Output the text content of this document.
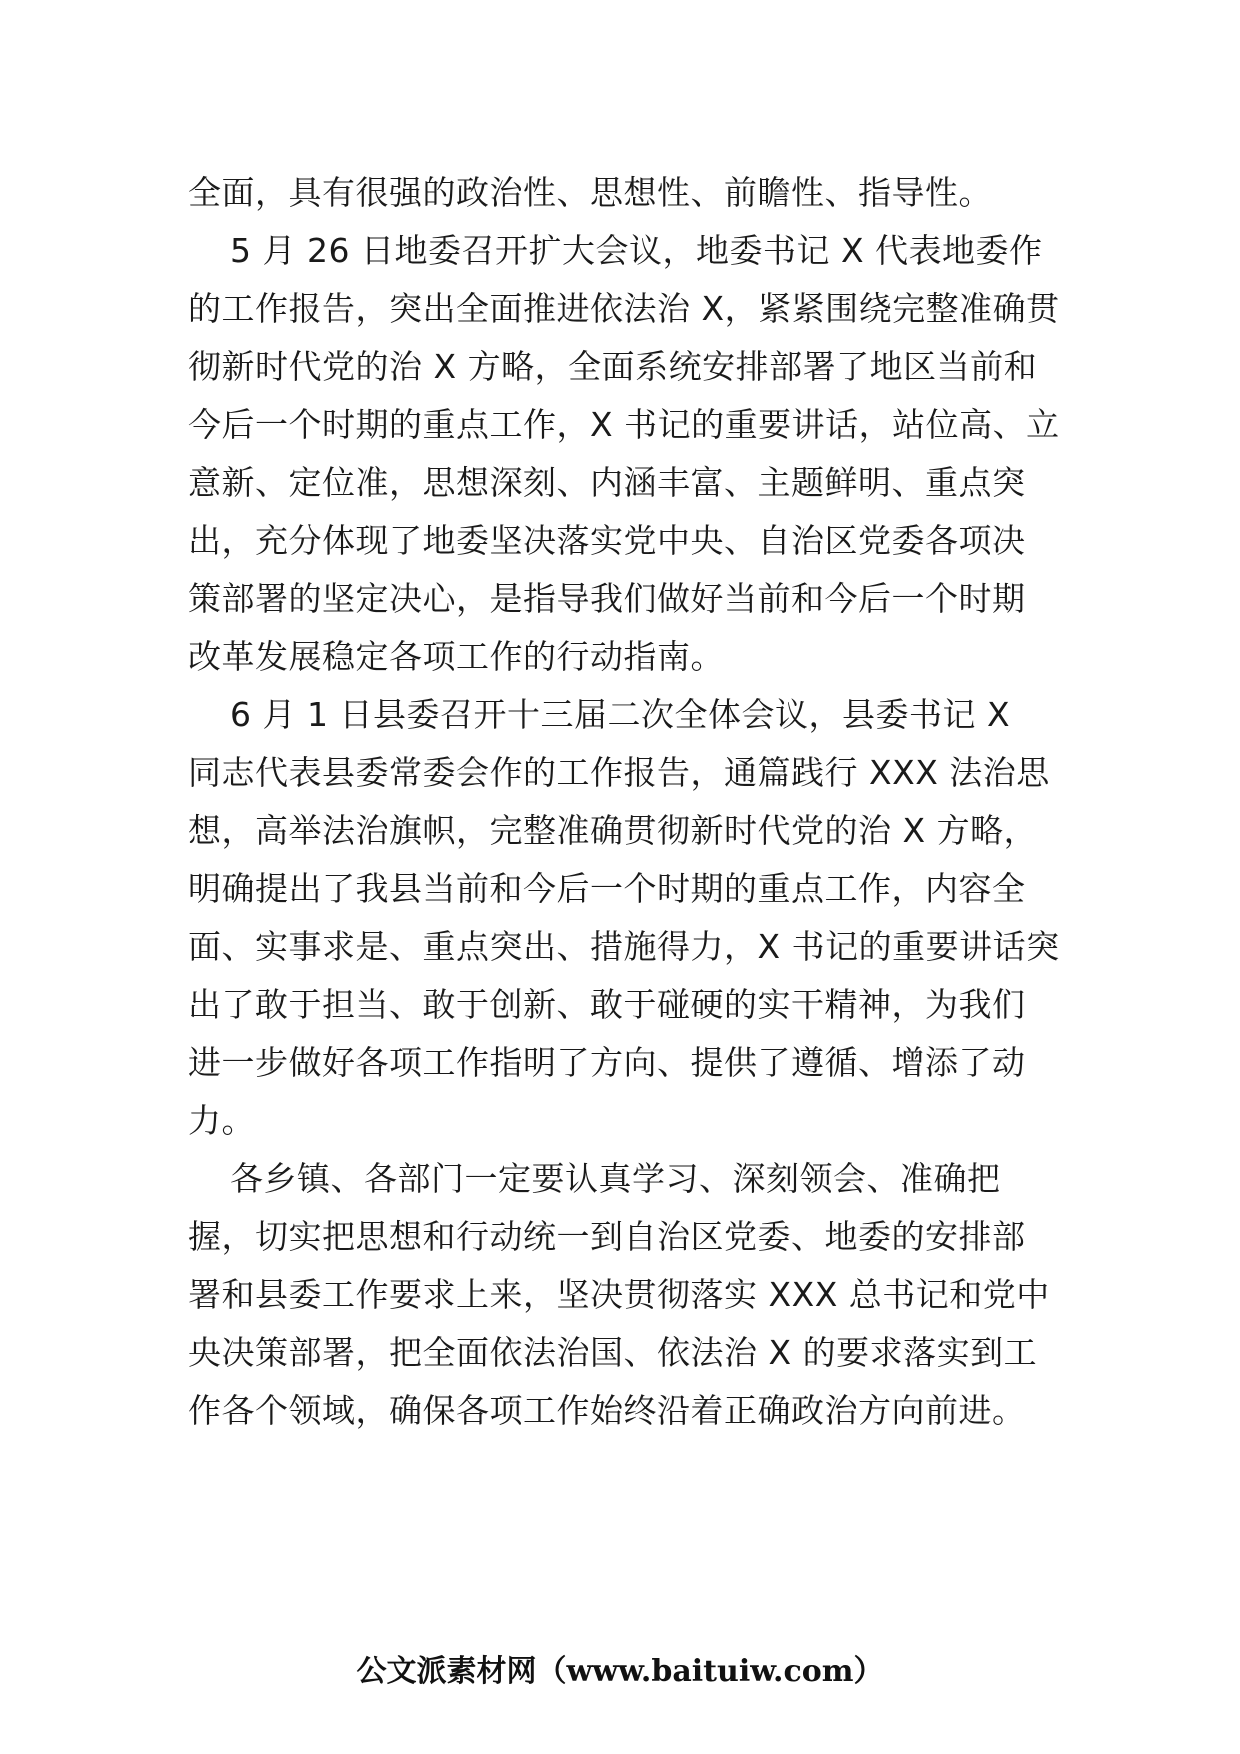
全面，具有很强的政治性、思想性、前瞻性、指导性。
5 月 26 日地委召开扩大会议，地委书记 X 代表地委作
的工作报告，突出全面推进依法治 X，紧紧围绕完整准确贯
彻新时代党的治 X 方略，全面系统安排部署了地区当前和
今后一个时期的重点工作，X 书记的重要讲话，站位高、立
意新、定位准，思想深刻、内涵丰富、主题鲜明、重点突
出，充分体现了地委坚决落实党中央、自治区党委各项决
策部署的坚定决心，是指导我们做好当前和今后一个时期
改革发展稳定各项工作的行动指南。
6 月 1 日县委召开十三届二次全体会议，县委书记 X
同志代表县委常委会作的工作报告，通篇践行 XXX 法治思
想，高举法治旗帜，完整准确贯彻新时代党的治 X 方略，
明确提出了我县当前和今后一个时期的重点工作，内容全
面、实事求是、重点突出、措施得力，X 书记的重要讲话突
出了敢于担当、敢于创新、敢于碰硬的实干精神，为我们
进一步做好各项工作指明了方向、提供了遵循、增添了动
力。
各乡镇、各部门一定要认真学习、深刻领会、准确把
握，切实把思想和行动统一到自治区党委、地委的安排部
署和县委工作要求上来，坚决贯彻落实 XXX 总书记和党中
央决策部署，把全面依法治国、依法治 X 的要求落实到工
作各个领域，确保各项工作始终沿着正确政治方向前进。
公文派素材网（www.baituiw.com）
